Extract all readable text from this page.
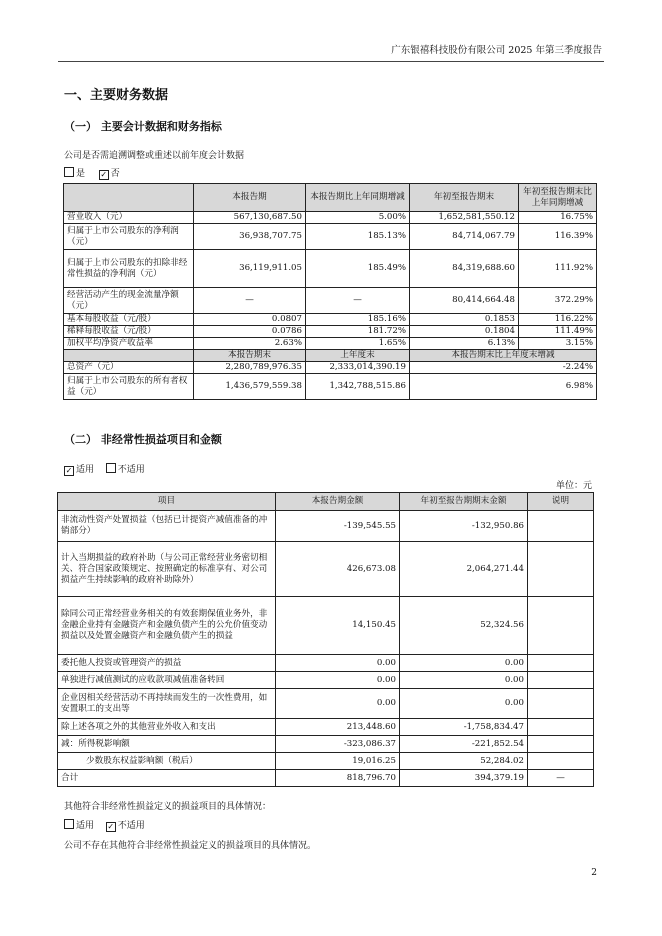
广东银禧科技股份有限公司 2025 年第三季度报告
一、主要财务数据
（一） 主要会计数据和财务指标
公司是否需追溯调整或重述以前年度会计数据
是 ✓ 否
	本报告期	本报告期比上年同期增减	年初至报告期末	年初至报告期末比上年同期增减
营业收入（元）	567,130,687.50	5.00%	1,652,581,550.12	16.75%
归属于上市公司股东的净利润（元）	36,938,707.75	185.13%	84,714,067.79	116.39%
归属于上市公司股东的扣除非经常性损益的净利润（元）	36,119,911.05	185.49%	84,319,688.60	111.92%
经营活动产生的现金流量净额（元）	—	—	80,414,664.48	372.29%
基本每股收益（元/股）	0.0807	185.16%	0.1853	116.22%
稀释每股收益（元/股）	0.0786	181.72%	0.1804	111.49%
加权平均净资产收益率	2.63%	1.65%	6.13%	3.15%
	本报告期末	上年度末	本报告期末比上年度末增减	
总资产（元）	2,280,789,976.35	2,333,014,390.19	-2.24%	
归属于上市公司股东的所有者权益（元）	1,436,579,559.38	1,342,788,515.86	6.98%	
（二） 非经常性损益项目和金额
✓ 适用	不适用
单位：元
项目	本报告期金额	年初至报告期期末金额	说明
非流动性资产处置损益（包括已计提资产减值准备的冲销部分）	-139,545.55	-132,950.86	
计入当期损益的政府补助（与公司正常经营业务密切相关、符合国家政策规定、按照确定的标准享有、对公司损益产生持续影响的政府补助除外）	426,673.08	2,064,271.44	
除同公司正常经营业务相关的有效套期保值业务外，非金融企业持有金融资产和金融负债产生的公允价值变动损益以及处置金融资产和金融负债产生的损益	14,150.45	52,324.56	
委托他人投资或管理资产的损益	0.00	0.00	
单独进行减值测试的应收款项减值准备转回	0.00	0.00	
企业因相关经营活动不再持续而发生的一次性费用，如安置职工的支出等	0.00	0.00	
除上述各项之外的其他营业外收入和支出	213,448.60	-1,758,834.47	
减：所得税影响额	-323,086.37	-221,852.54	
少数股东权益影响额（税后）	19,016.25	52,284.02	
合计	818,796.70	394,379.19	—
其他符合非经常性损益定义的损益项目的具体情况：
适用 ✓ 不适用
公司不存在其他符合非经常性损益定义的损益项目的具体情况。
2
